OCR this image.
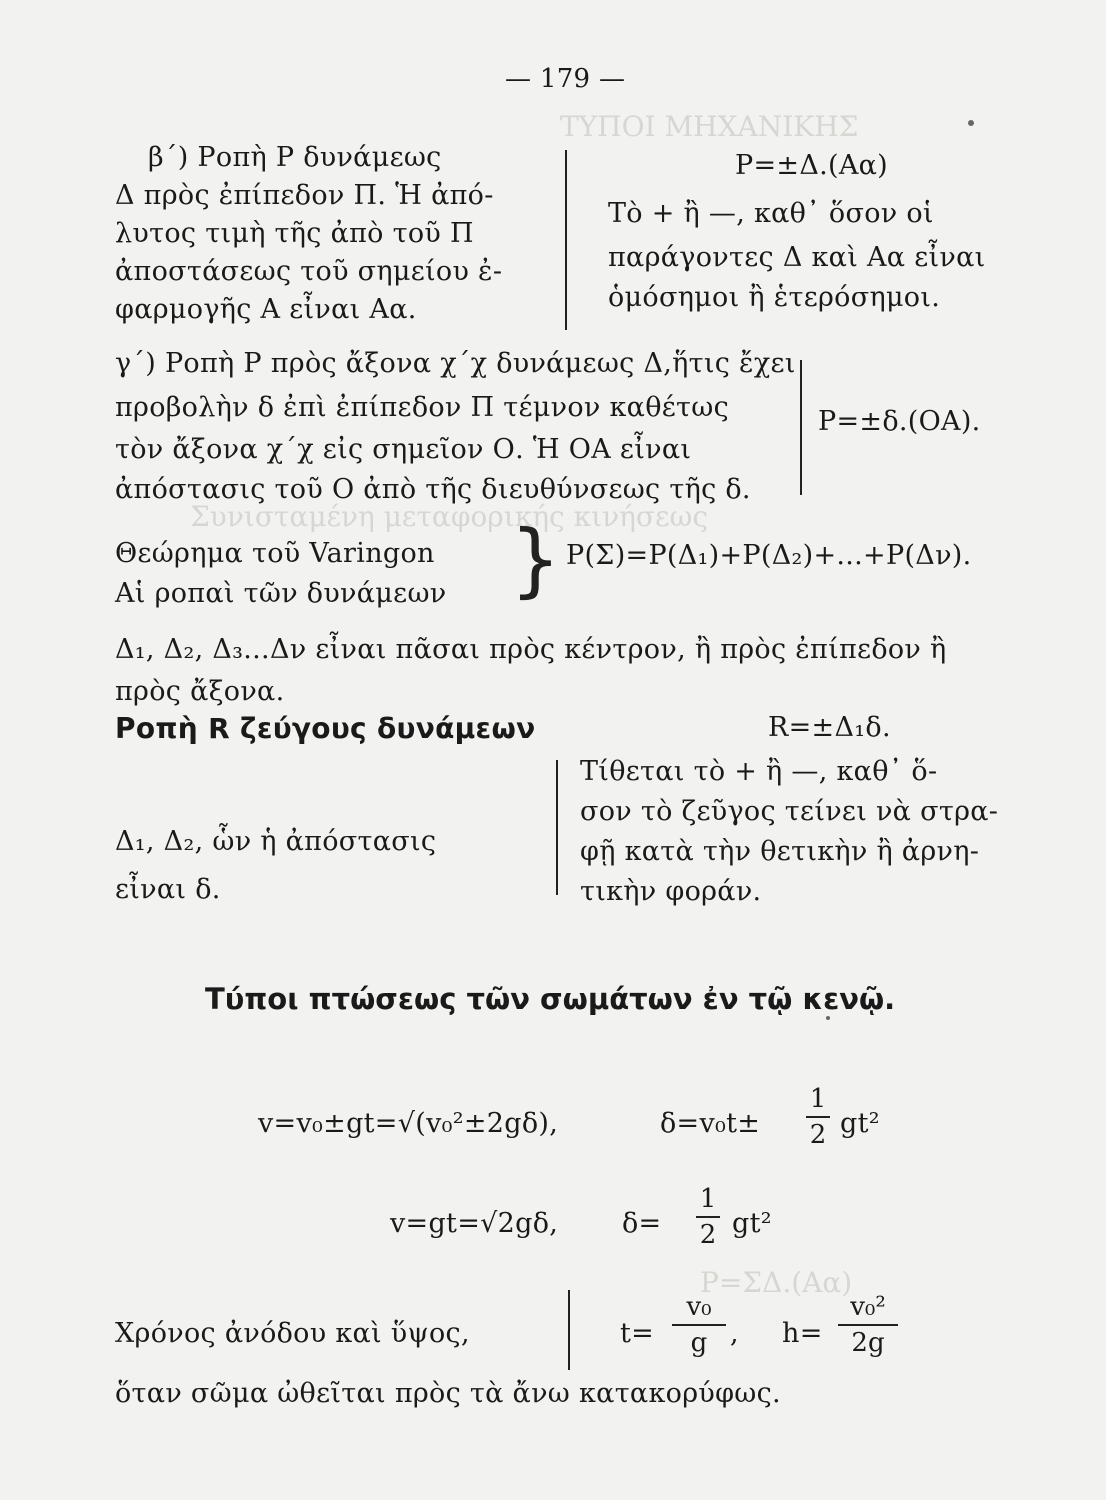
ΤΥΠΟΙ ΜΗΧΑΝΙΚΗΣ
Ρ=ΣΔ.(Αα)
Συνισταμένη μεταφορικής κινήσεως
— 179 —
β΄) Ροπὴ Ρ δυνάμεως
Δ πρὸς ἐπίπεδον Π. Ἡ ἀπό-
λυτος τιμὴ τῆς ἀπὸ τοῦ Π
ἀποστάσεως τοῦ σημείου ἐ-
φαρμογῆς Α εἶναι Αα.
Ρ=±Δ.(Αα)
Τὸ + ἢ —, καθ᾽ ὅσον οἱ
παράγοντες Δ καὶ Αα εἶναι
ὁμόσημοι ἢ ἑτερόσημοι.
γ΄) Ροπὴ Ρ πρὸς ἄξονα χ΄χ δυνάμεως Δ,ἥτις ἔχει
προβολὴν δ ἐπὶ ἐπίπεδον Π τέμνον καθέτως
τὸν ἄξονα χ΄χ εἰς σημεῖον Ο. Ἡ ΟΑ εἶναι
ἀπόστασις τοῦ Ο ἀπὸ τῆς διευθύνσεως τῆς δ.
Ρ=±δ.(ΟΑ).
Θεώρημα τοῦ Varingon
Αἱ ροπαὶ τῶν δυνάμεων } Ρ(Σ)=Ρ(Δ₁)+Ρ(Δ₂)+...+Ρ(Δν).
Δ₁, Δ₂, Δ₃...Δν εἶναι πᾶσαι πρὸς κέντρον, ἢ πρὸς ἐπίπεδον ἢ
πρὸς ἄξονα.
Ροπὴ R ζεύγους δυνάμεων	R=±Δ₁δ.
Δ₁, Δ₂, ὧν ἡ ἀπόστασις
εἶναι δ.
Τίθεται τὸ + ἢ —, καθ᾽ ὅ-
σον τὸ ζεῦγος τείνει νὰ στρα-
φῇ κατὰ τὴν θετικὴν ἢ ἀρνη-
τικὴν φοράν.
Τύποι πτώσεως τῶν σωμάτων ἐν τῷ κενῷ.
v=v₀±gt=√(v₀²±2gδ),	δ=v₀t±
1
2 gt²
v=gt=√2gδ, δ=
1
2 gt²
Χρόνος ἀνόδου καὶ ὕψος,	t=
v₀
g , h=
v₀²
2g
ὅταν σῶμα ὠθεῖται πρὸς τὰ ἄνω κατακορύφως.
